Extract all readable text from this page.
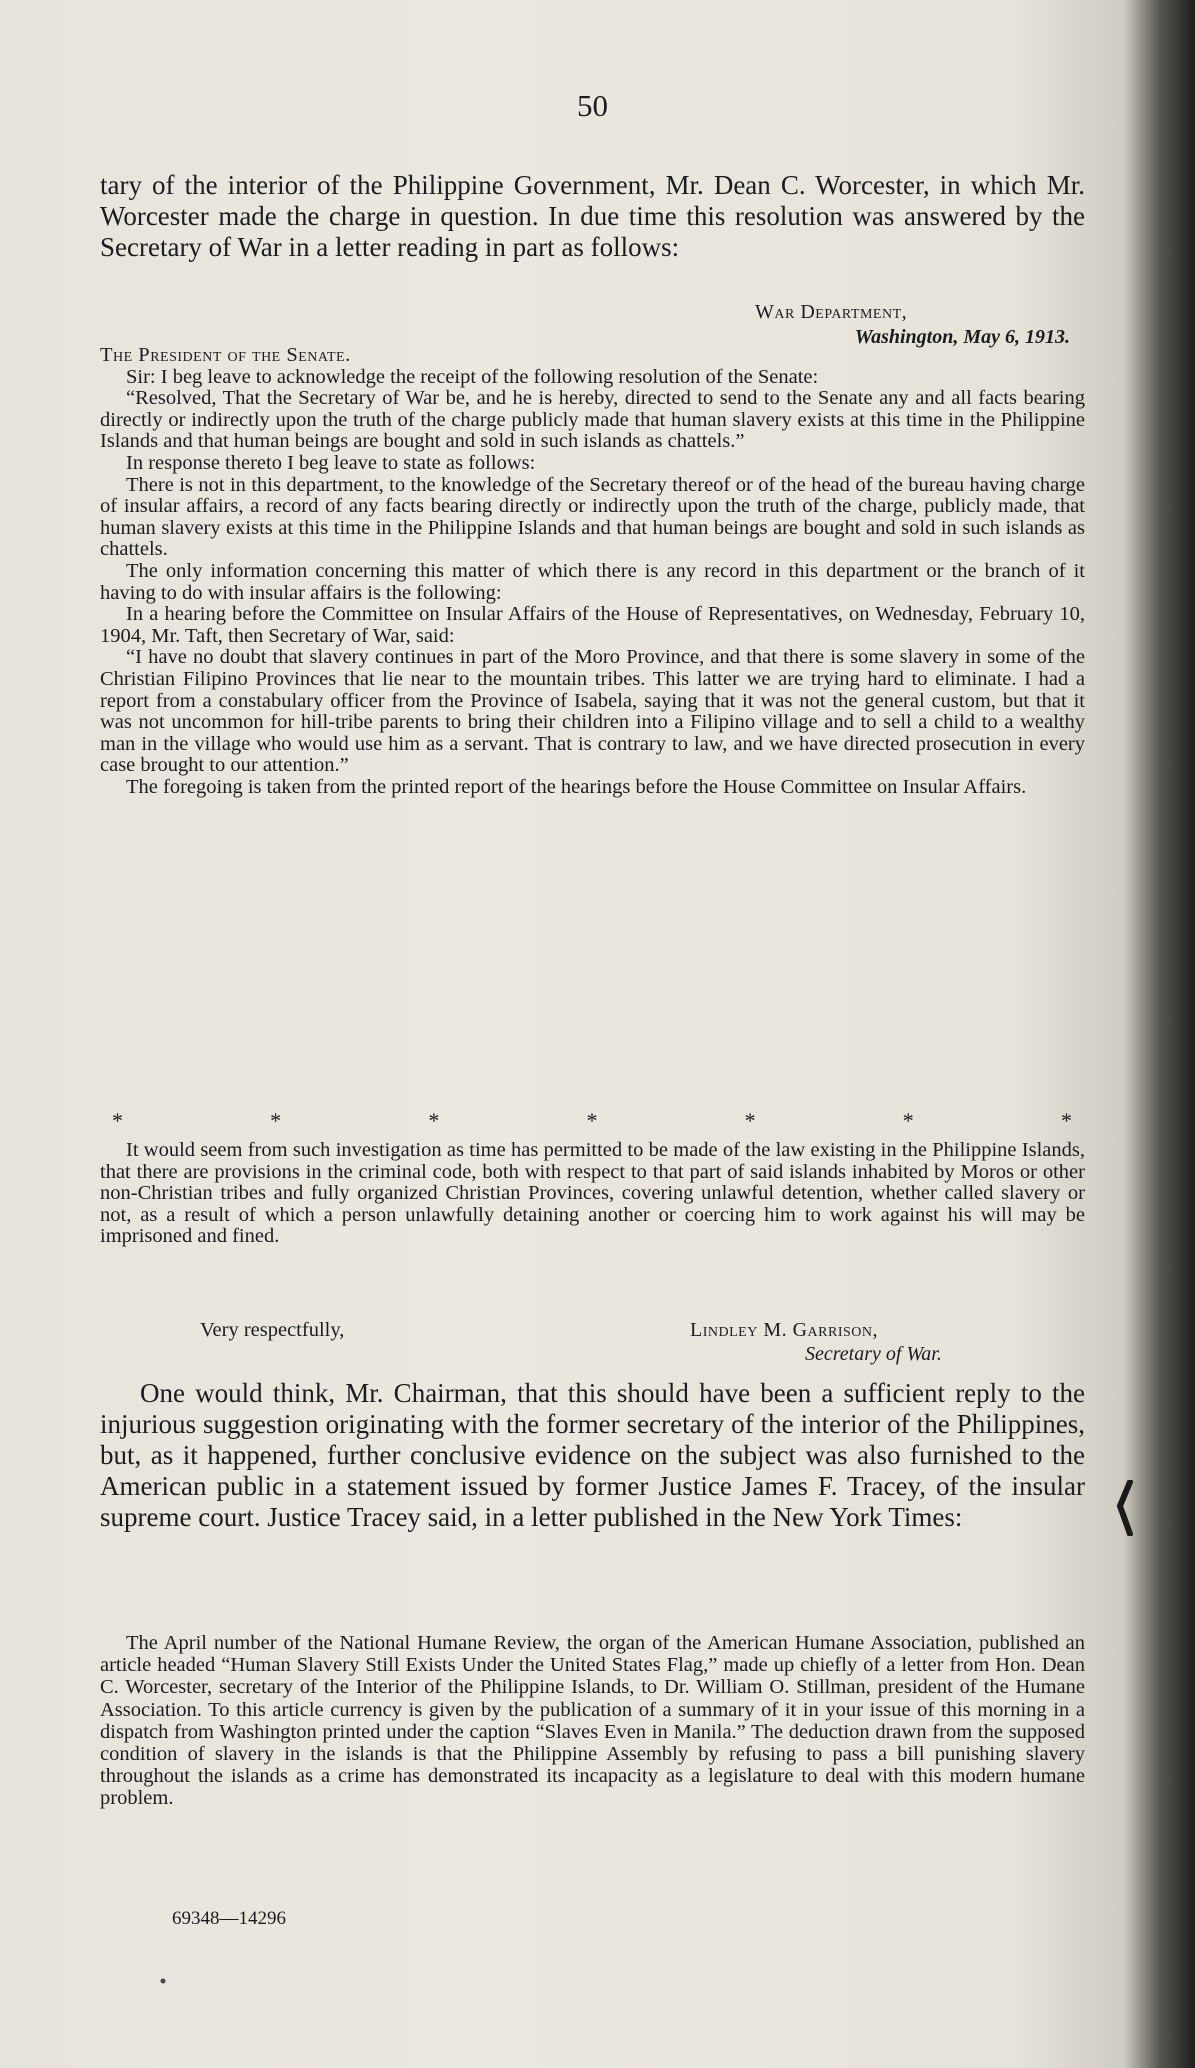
50

tary of the interior of the Philippine Government, Mr. Dean C. Worcester, in which Mr. Worcester made the charge in question. In due time this resolution was answered by the Secretary of War in a letter reading in part as follows:

War Department,
Washington, May 6, 1913.

The President of the Senate.

Sir: I beg leave to acknowledge the receipt of the following resolution of the Senate:

“Resolved, That the Secretary of War be, and he is hereby, directed to send to the Senate any and all facts bearing directly or indirectly upon the truth of the charge publicly made that human slavery exists at this time in the Philippine Islands and that human beings are bought and sold in such islands as chattels.”

In response thereto I beg leave to state as follows:

There is not in this department, to the knowledge of the Secretary thereof or of the head of the bureau having charge of insular affairs, a record of any facts bearing directly or indirectly upon the truth of the charge, publicly made, that human slavery exists at this time in the Philippine Islands and that human beings are bought and sold in such islands as chattels.

The only information concerning this matter of which there is any record in this department or the branch of it having to do with insular affairs is the following:

In a hearing before the Committee on Insular Affairs of the House of Representatives, on Wednesday, February 10, 1904, Mr. Taft, then Secretary of War, said:

“I have no doubt that slavery continues in part of the Moro Province, and that there is some slavery in some of the Christian Filipino Provinces that lie near to the mountain tribes. This latter we are trying hard to eliminate. I had a report from a constabulary officer from the Province of Isabela, saying that it was not the general custom, but that it was not uncommon for hill-tribe parents to bring their children into a Filipino village and to sell a child to a wealthy man in the village who would use him as a servant. That is contrary to law, and we have directed prosecution in every case brought to our attention.”

The foregoing is taken from the printed report of the hearings before the House Committee on Insular Affairs.

*	*	*	*	*	*	*

It would seem from such investigation as time has permitted to be made of the law existing in the Philippine Islands, that there are provisions in the criminal code, both with respect to that part of said islands inhabited by Moros or other non-Christian tribes and fully organized Christian Provinces, covering unlawful detention, whether called slavery or not, as a result of which a person unlawfully detaining another or coercing him to work against his will may be imprisoned and fined.

Very respectfully,	Lindley M. Garrison,
Secretary of War.

One would think, Mr. Chairman, that this should have been a sufficient reply to the injurious suggestion originating with the former secretary of the interior of the Philippines, but, as it happened, further conclusive evidence on the subject was also furnished to the American public in a statement issued by former Justice James F. Tracey, of the insular supreme court. Justice Tracey said, in a letter published in the New York Times:

The April number of the National Humane Review, the organ of the American Humane Association, published an article headed “Human Slavery Still Exists Under the United States Flag,” made up chiefly of a letter from Hon. Dean C. Worcester, secretary of the Interior of the Philippine Islands, to Dr. William O. Stillman, president of the Humane Association. To this article currency is given by the publication of a summary of it in your issue of this morning in a dispatch from Washington printed under the caption “Slaves Even in Manila.” The deduction drawn from the supposed condition of slavery in the islands is that the Philippine Assembly by refusing to pass a bill punishing slavery throughout the islands as a crime has demonstrated its incapacity as a legislature to deal with this modern humane problem.

69348—14296
